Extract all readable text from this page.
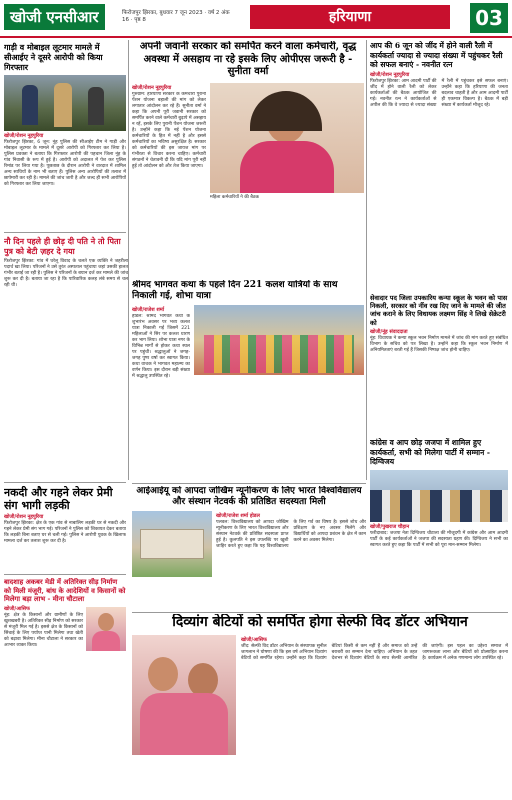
खोजी एनसीआर	फिरोजपुर झिरका, बुधवार 7 जून 2023 · वर्ष 2 अंक 16 · पृष्ठ 8	हरियाणा	03
गाड़ी व मोबाइल लूटमार मामले में सीआईए ने दूसरे आरोपी को किया गिरफ्तार
खोजी/रोशन नूहपुरिया
फिरोजपुर झिरका, 6 जून: नूंह पुलिस की सीआईए टीम ने गाड़ी और मोबाइल लूटमार के मामले में दूसरे आरोपी को गिरफ्तार कर लिया है। पुलिस प्रवक्ता ने बताया कि गिरफ्तार आरोपी की पहचान जिला नूंह के गांव निवासी के रूप में हुई है। आरोपी को अदालत में पेश कर पुलिस रिमांड पर लिया गया है। पूछताछ के दौरान आरोपी ने वारदात में शामिल अन्य साथियों के नाम भी बताए हैं। पुलिस अन्य आरोपियों की तलाश में छापेमारी कर रही है। मामले की जांच जारी है और जल्द ही सभी आरोपियों को गिरफ्तार कर लिया जाएगा।
नौ दिन पहले ही छोड़ दी पति ने तो पिता पुत्र को बेटी ज़हर दे गया
फिरोजपुर झिरका: गांव में घरेलू विवाद के चलते एक व्यक्ति ने जहरीला पदार्थ खा लिया। परिजनों ने उसे तुरंत अस्पताल पहुंचाया जहां उसकी हालत गंभीर बताई जा रही है। पुलिस ने परिजनों के बयान दर्ज कर मामले की जांच शुरू कर दी है। बताया जा रहा है कि पारिवारिक कलह लंबे समय से चल रही थी।
नकदी और गहने लेकर प्रेमी संग भागी लड़की
खोजी/रोशन नूहपुरिया
फिरोजपुर झिरका: क्षेत्र के एक गांव से नाबालिग लड़की घर से नकदी और गहने लेकर प्रेमी संग भाग गई। परिजनों ने पुलिस को शिकायत देकर बताया कि लड़की बिना बताए घर से चली गई। पुलिस ने आरोपी युवक के खिलाफ मामला दर्ज कर तलाश शुरू कर दी है।
बादशाह अकबर मेडी में अतिरिक्त सीड़ निर्माण को मिली मंजूरी, बांध के आदेशियों व किसानों को मिलेगा बड़ा लाभ - मीना चौटाला
खोजी/आसिफ
नूंह: क्षेत्र के किसानों और ग्रामीणों के लिए खुशखबरी है। अतिरिक्त सीड़ निर्माण को सरकार से मंजूरी मिल गई है। इससे क्षेत्र के किसानों को सिंचाई के लिए पर्याप्त पानी मिलेगा तथा खेती को बढ़ावा मिलेगा। मीना चौटाला ने सरकार का आभार व्यक्त किया।
अपनी जवानी सरकार को समर्पित करने वाला कर्मचारी, वृद्ध अवस्था में असहाय ना रहे इसके लिए ओपीएस जरूरी है - सुनीता वर्मा
खोजी/रोशन नूहपुरिया
गुरुग्राम: हरियाणा सरकार के कर्मचारी पुरानी पेंशन योजना बहाली की मांग को लेकर लगातार आंदोलन कर रहे हैं। सुनीता वर्मा ने कहा कि अपनी पूरी जवानी सरकार को समर्पित करने वाले कर्मचारी बुढ़ापे में असहाय न रहें, इसके लिए पुरानी पेंशन योजना जरूरी है। उन्होंने कहा कि नई पेंशन योजना कर्मचारियों के हित में नहीं है और इससे कर्मचारियों का भविष्य असुरक्षित है। सरकार को कर्मचारियों की इस जायज मांग पर गंभीरता से विचार करना चाहिए। कर्मचारी संगठनों ने चेतावनी दी कि यदि मांग पूरी नहीं हुई तो आंदोलन को और तेज किया जाएगा।
महिला कर्मचारियों ने की बैठक
आप की 6 जून को जींद में होने वाली रैली में कार्यकर्ता ज्यादा से ज्यादा संख्या में पहुंचकर रैली को सफल बनाएं - नवनीत रत्न
खोजी/रोशन नूहपुरिया
फिरोजपुर झिरका: आम आदमी पार्टी की जींद में होने वाली रैली को लेकर कार्यकर्ताओं की बैठक आयोजित की गई। नवनीत रत्न ने कार्यकर्ताओं से अपील की कि वे ज्यादा से ज्यादा संख्या में रैली में पहुंचकर इसे सफल बनाएं। उन्होंने कहा कि हरियाणा की जनता बदलाव चाहती है और आम आदमी पार्टी ही एकमात्र विकल्प है। बैठक में बड़ी संख्या में कार्यकर्ता मौजूद रहे।
श्रीमद भागवत कथा के पहले दिन 221 कलश यात्रियों के साथ निकाली गई, शोभा यात्रा
खोजी/राजेश शर्मा
होडल: श्रीमद भागवत कथा के शुभारंभ अवसर पर भव्य कलश यात्रा निकाली गई जिसमें 221 महिलाओं ने सिर पर कलश धारण कर भाग लिया। शोभा यात्रा नगर के विभिन्न मार्गों से होकर कथा स्थल पर पहुंची। श्रद्धालुओं ने जगह-जगह पुष्प वर्षा कर स्वागत किया। कथा वाचक ने भागवत महात्म्य का वर्णन किया। इस दौरान बड़ी संख्या में श्रद्धालु उपस्थित रहे।
सेवादार पद जिला उपकारिय कन्या स्कूल के भवन को पास निकली, सरकार को नींव रख दिए जाने के मामले की जीत जांच कराने के लिए विधायक लक्ष्मण सिंह ने लिखे सेक्रेटरी को
खोजी/नूंह संवाददाता
नूंह: विधायक ने कन्या स्कूल भवन निर्माण मामले में जांच की मांग करते हुए संबंधित विभाग के सचिव को पत्र लिखा है। उन्होंने कहा कि स्कूल भवन निर्माण में अनियमितताएं बरती गई हैं जिसकी निष्पक्ष जांच होनी चाहिए।
कांग्रेस व आप छोड़ जजपा में शामिल हुए कार्यकर्ता, सभी को मिलेगा पार्टी में सम्मान - दिग्विजय
खोजी/पुखराज चौहान
फरीदाबाद: जजपा नेता दिग्विजय चौटाला की मौजूदगी में कांग्रेस और आम आदमी पार्टी के कई कार्यकर्ताओं ने जजपा की सदस्यता ग्रहण की। दिग्विजय ने सभी का स्वागत करते हुए कहा कि पार्टी में सभी को पूरा मान-सम्मान मिलेगा।
आईआईयू को आपदा जोखिम न्यूनीकरण के लिए भारत विश्वविद्यालय और संस्थान नेटवर्क की प्रतिष्ठित सदस्यता मिली
खोजी/राजेश शर्मा होडल
पलवल: विश्वविद्यालय को आपदा जोखिम न्यूनीकरण के लिए भारत विश्वविद्यालय और संस्थान नेटवर्क की प्रतिष्ठित सदस्यता प्राप्त हुई है। कुलपति ने इस उपलब्धि पर खुशी जाहिर करते हुए कहा कि यह विश्वविद्यालय के लिए गर्व का विषय है। इससे शोध और प्रशिक्षण के नए अवसर मिलेंगे और विद्यार्थियों को आपदा प्रबंधन के क्षेत्र में काम करने का अवसर मिलेगा।
दिव्यांग बेटियों को समर्पित होगा सेल्फी विद डॉटर अभियान
खोजी/आसिफ
जींद: सेल्फी विद डॉटर अभियान के संस्थापक सुनील जागलान ने घोषणा की कि इस वर्ष अभियान दिव्यांग बेटियों को समर्पित रहेगा। उन्होंने कहा कि दिव्यांग बेटियां किसी से कम नहीं हैं और समाज को उन्हें बराबरी का सम्मान देना चाहिए। अभियान के तहत देशभर से दिव्यांग बेटियों के साथ सेल्फी आमंत्रित की जाएंगी। इस पहल का उद्देश्य समाज में जागरूकता लाना और बेटियों को प्रोत्साहित करना है। कार्यक्रम में अनेक गणमान्य लोग उपस्थित रहे।
